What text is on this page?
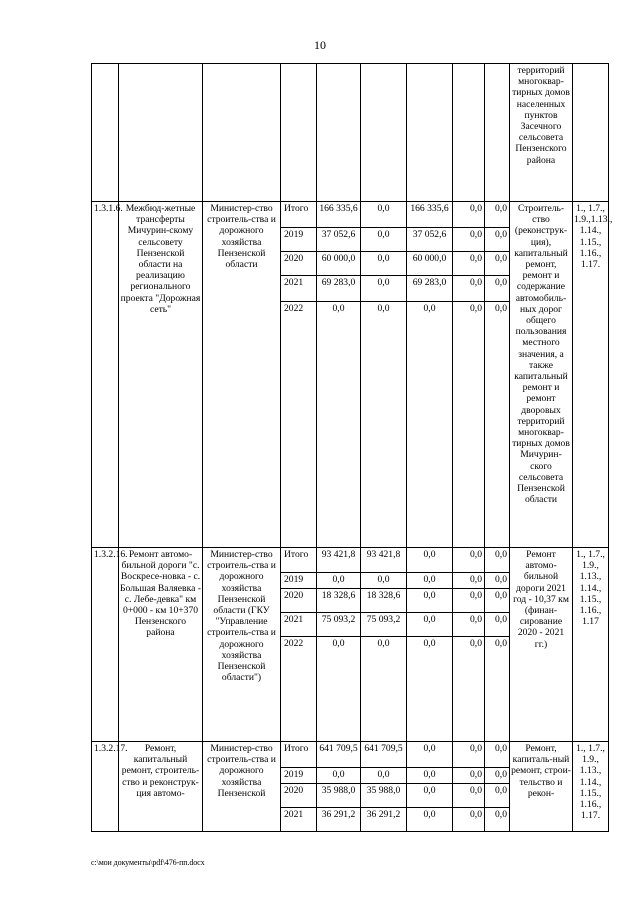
10
									территорий многоквар-тирных домов населенных пунктов Засечного сельсовета Пензенского района	
1.3.1.6.	Межбюд-жетные трансферты Мичурин-скому сельсовету Пензенской области на реализацию регионального проекта "Дорожная сеть"	Министер-ство строитель-ства и дорожного хозяйства Пензенской области	Итого	166 335,6	0,0	166 335,6	0,0	0,0	Строитель-ство (реконструк-ция), капитальный ремонт, ремонт и содержание автомобиль-ных дорог общего пользования местного значения, а также капитальный ремонт и ремонт дворовых территорий многоквар-тирных домов Мичурин-ского сельсовета Пензенской области	1., 1.7., 1.9.,1.13., 1.14., 1.15., 1.16., 1.17.
			2019	37 052,6	0,0	37 052,6	0,0	0,0		
			2020	60 000,0	0,0	60 000,0	0,0	0,0		
			2021	69 283,0	0,0	69 283,0	0,0	0,0		
			2022	0,0	0,0	0,0	0,0	0,0		
1.3.2.16.	Ремонт автомо-бильной дороги "с. Воскресе-новка - с. Большая Валяевка - с. Лебе-девка" км 0+000 - км 10+370 Пензенского района	Министер-ство строитель-ства и дорожного хозяйства Пензенской области (ГКУ "Управление строитель-ства и дорожного хозяйства Пензенской области")	Итого	93 421,8	93 421,8	0,0	0,0	0,0	Ремонт автомо-бильной дороги 2021 год - 10,37 км (финан-сирование 2020 - 2021 гг.)	1., 1.7., 1.9., 1.13., 1.14., 1.15., 1.16., 1.17
			2019	0,0	0,0	0,0	0,0	0,0		
			2020	18 328,6	18 328,6	0,0	0,0	0,0		
			2021	75 093,2	75 093,2	0,0	0,0	0,0		
			2022	0,0	0,0	0,0	0,0	0,0		
1.3.2.17.	Ремонт, капитальный ремонт, строитель-ство и реконструк-ция автомо-	Министер-ство строитель-ства и дорожного хозяйства Пензенской	Итого	641 709,5	641 709,5	0,0	0,0	0,0	Ремонт, капиталь-ный ремонт, строи-тельство и рекон-	1., 1.7., 1.9., 1.13., 1.14., 1.15., 1.16., 1.17.
			2019	0,0	0,0	0,0	0,0	0,0		
			2020	35 988,0	35 988,0	0,0	0,0	0,0		
			2021	36 291,2	36 291,2	0,0	0,0	0,0		
c:\мои документы\pdf\476-пп.docx
